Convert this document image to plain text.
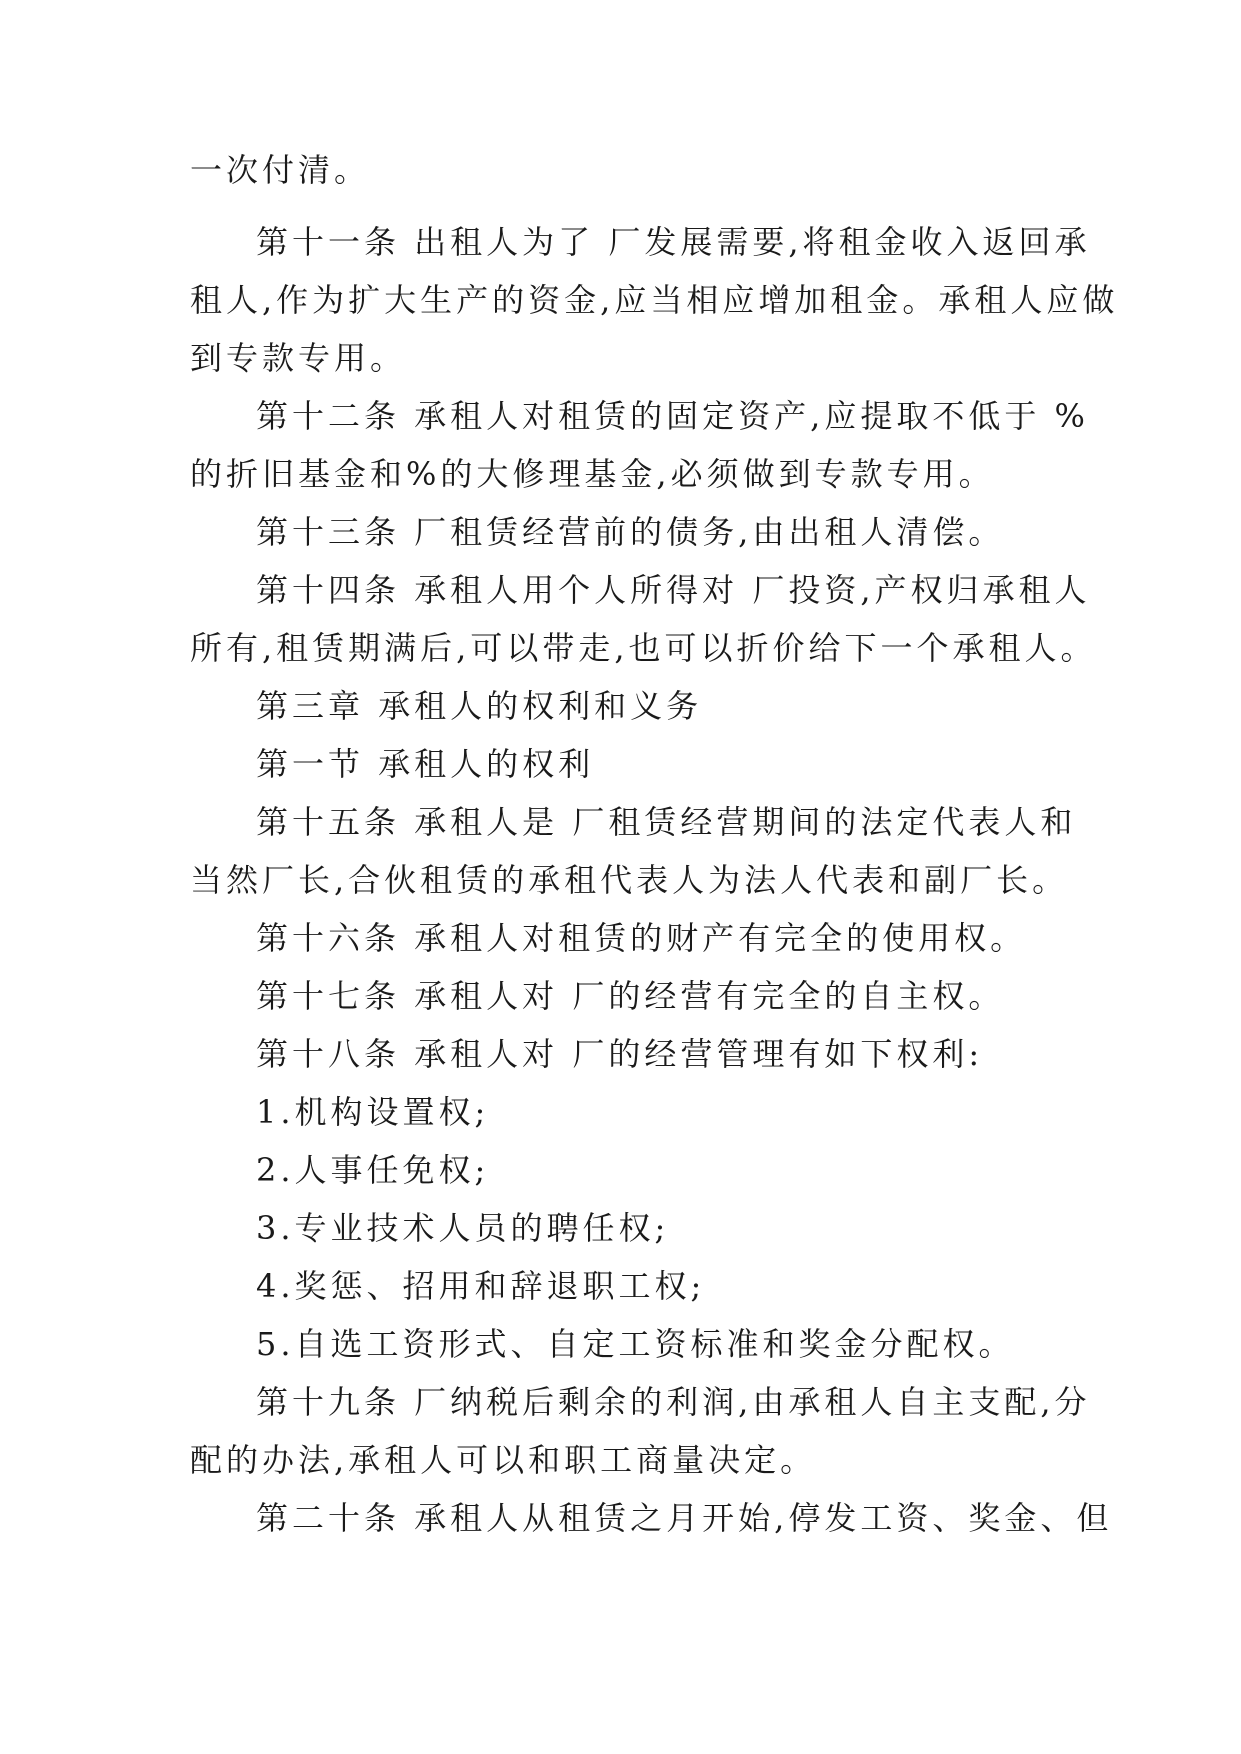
一次付清。
第十一条 出租人为了 厂发展需要,将租金收入返回承
租人,作为扩大生产的资金,应当相应增加租金。承租人应做
到专款专用。
第十二条 承租人对租赁的固定资产,应提取不低于 %
的折旧基金和%的大修理基金,必须做到专款专用。
第十三条 厂租赁经营前的债务,由出租人清偿。
第十四条 承租人用个人所得对 厂投资,产权归承租人
所有,租赁期满后,可以带走,也可以折价给下一个承租人。
第三章 承租人的权利和义务
第一节 承租人的权利
第十五条 承租人是 厂租赁经营期间的法定代表人和
当然厂长,合伙租赁的承租代表人为法人代表和副厂长。
第十六条 承租人对租赁的财产有完全的使用权。
第十七条 承租人对 厂的经营有完全的自主权。
第十八条 承租人对 厂的经营管理有如下权利:
1.机构设置权;
2.人事任免权;
3.专业技术人员的聘任权;
4.奖惩、招用和辞退职工权;
5.自选工资形式、自定工资标准和奖金分配权。
第十九条 厂纳税后剩余的利润,由承租人自主支配,分
配的办法,承租人可以和职工商量决定。
第二十条 承租人从租赁之月开始,停发工资、奖金、但
